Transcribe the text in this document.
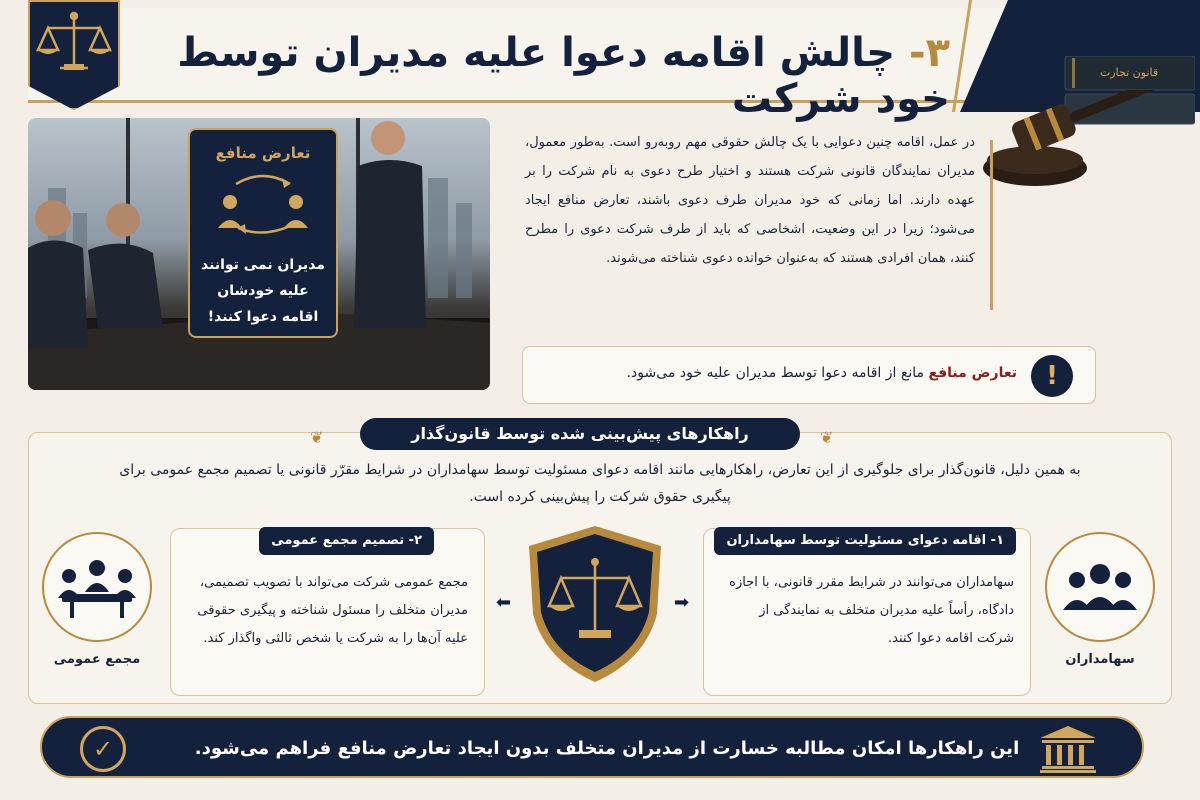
۳- چالش اقامه دعوا علیه مدیران توسط خود شرکت
قانون تجارت
تعارض منافع
مدیران نمی توانند علیه خودشان اقامه دعوا کنند!
در عمل، اقامه چنین دعوایی با یک چالش حقوقی مهم روبه‌رو است. به‌طور معمول، مدیران نمایندگان قانونی شرکت هستند و اختیار طرح دعوی به نام شرکت را بر عهده دارند. اما زمانی که خود مدیران طرف دعوی باشند، تعارض منافع ایجاد می‌شود؛ زیرا در این وضعیت، اشخاصی که باید از طرف شرکت دعوی را مطرح کنند، همان افرادی هستند که به‌عنوان خوانده دعوی شناخته می‌شوند.
!
تعارض منافع مانع از اقامه دعوا توسط مدیران علیه خود می‌شود.
❦	❦
راهکارهای پیش‌بینی شده توسط قانون‌گذار
به همین دلیل، قانون‌گذار برای جلوگیری از این تعارض، راهکارهایی مانند اقامه دعوای مسئولیت توسط سهامداران در شرایط مقرّر قانونی یا تصمیم مجمع عمومی برای پیگیری حقوق شرکت را پیش‌بینی کرده است.
سهامداران
مجمع عمومی
۱- اقامه دعوای مسئولیت توسط سهامداران
سهامداران می‌توانند در شرایط مقرر قانونی، با اجازه دادگاه، رأساً علیه مدیران متخلف به نمایندگی از شرکت اقامه دعوا کنند.
۲- تصمیم مجمع عمومی
مجمع عمومی شرکت می‌تواند با تصویب تصمیمی، مدیران متخلف را مسئول شناخته و پیگیری حقوقی علیه آن‌ها را به شرکت یا شخص ثالثی واگذار کند.
➡
⬅
✓	این راهکارها امکان مطالبه خسارت از مدیران متخلف بدون ایجاد تعارض منافع فراهم می‌شود.
